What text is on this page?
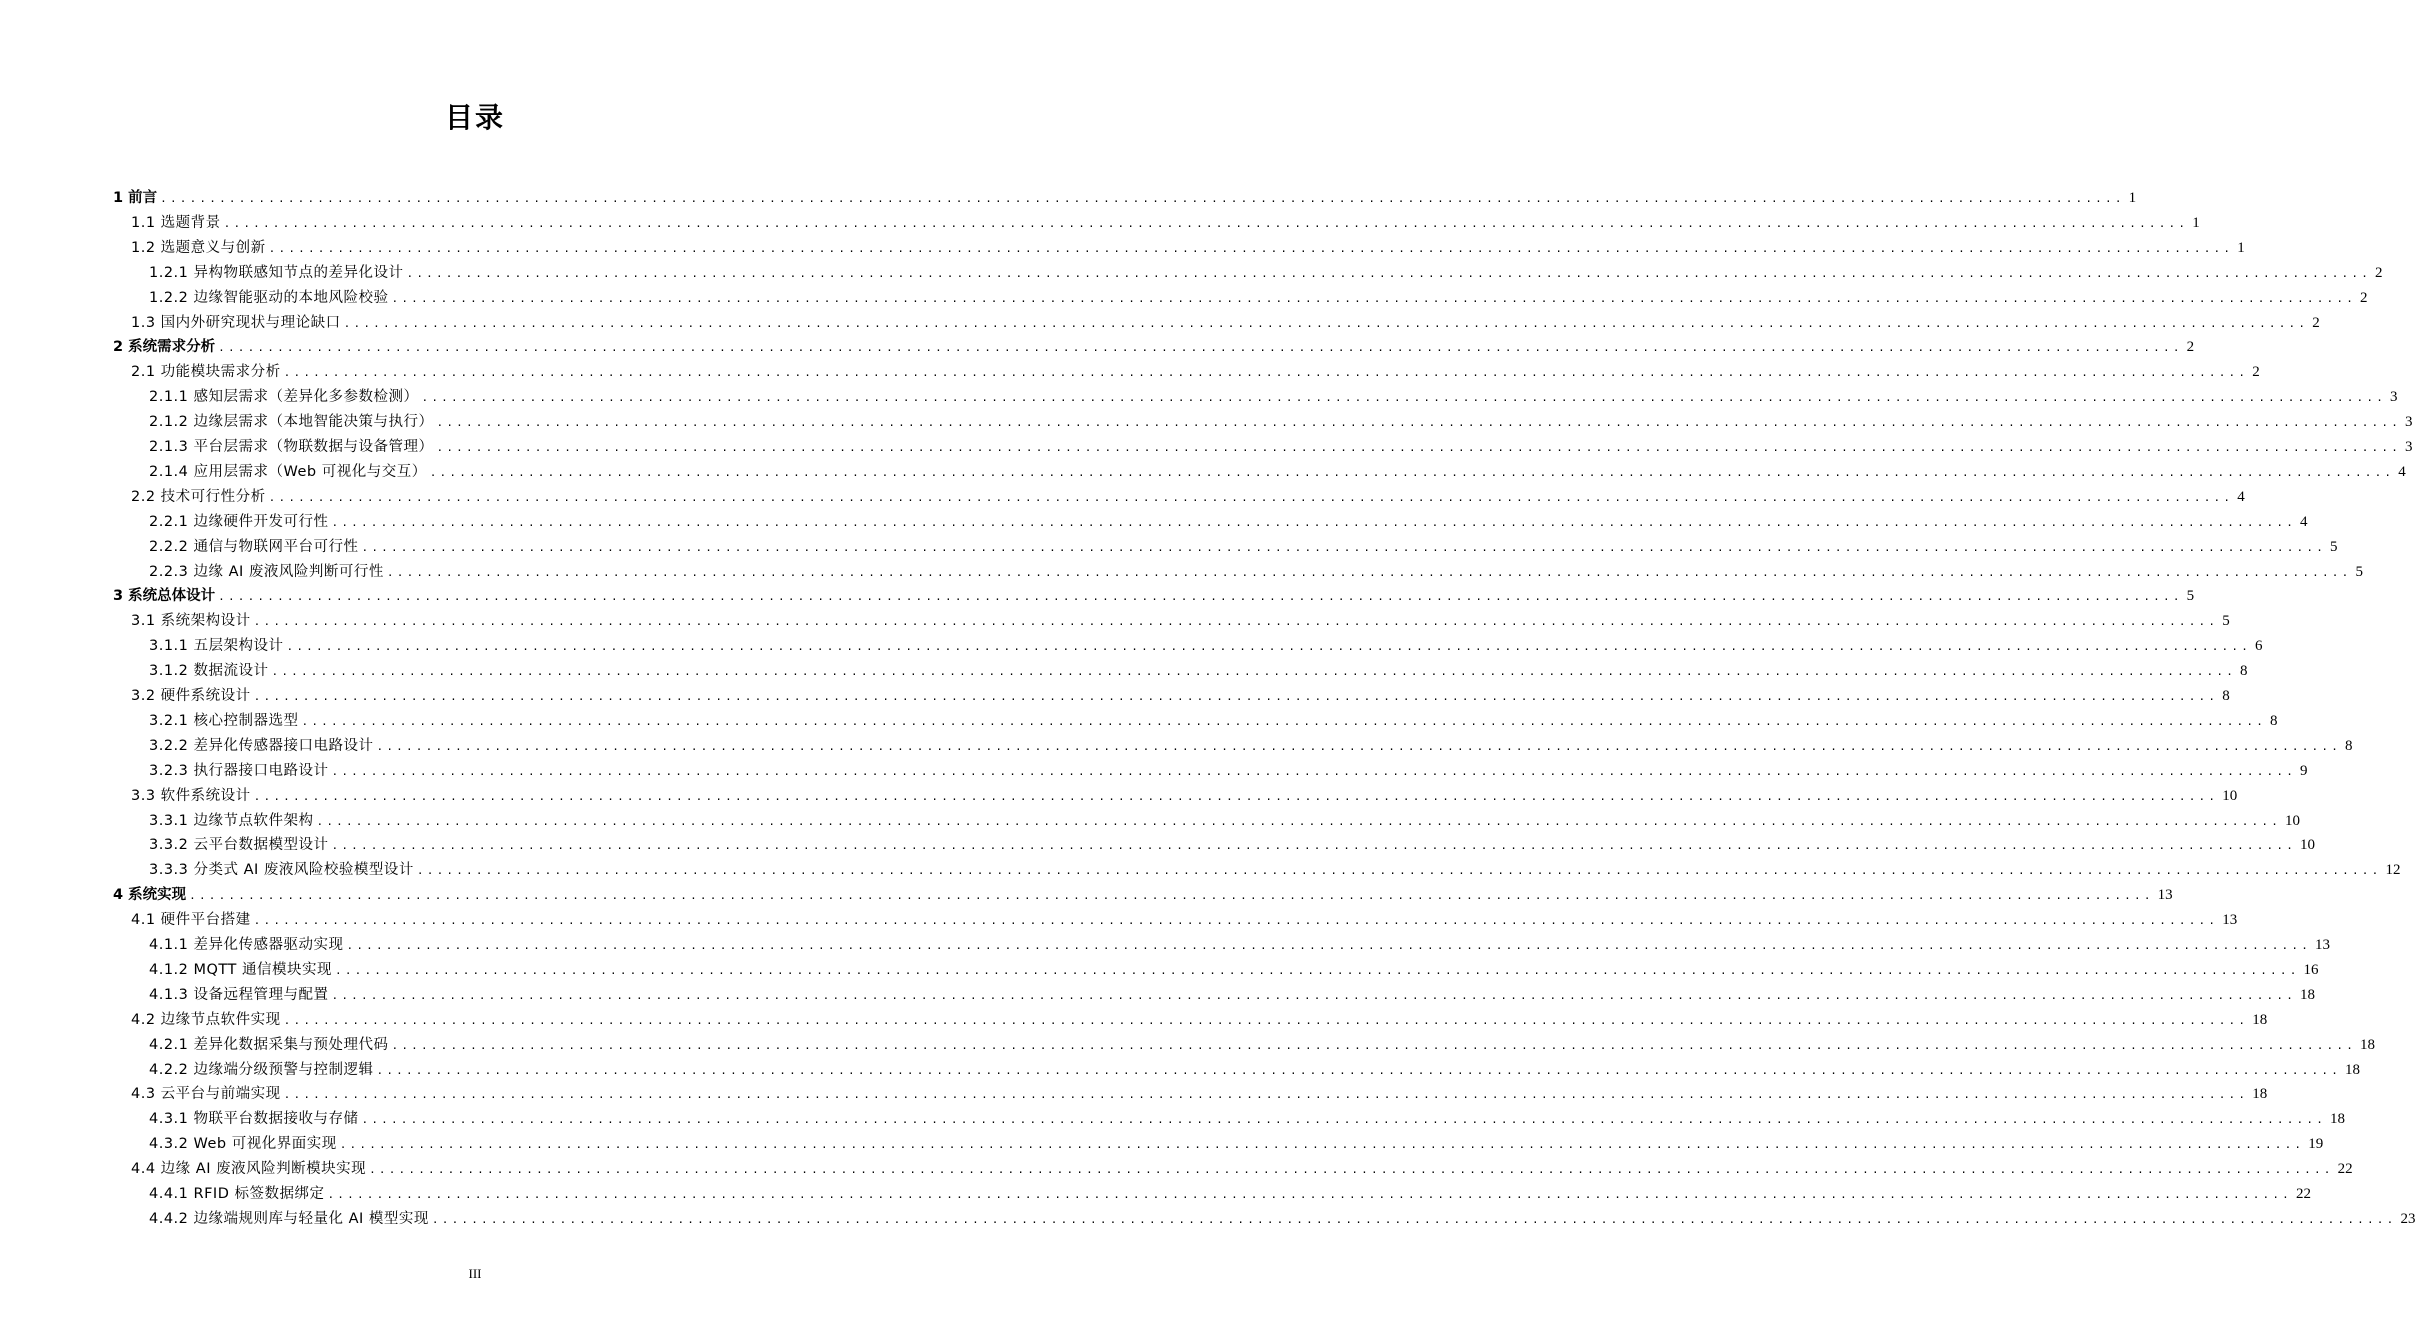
目录
1 前言 ........................................................................................................................................................................................................ 1
1.1 选题背景 ........................................................................................................................................................................................................ 1
1.2 选题意义与创新 ........................................................................................................................................................................................................ 1
1.2.1 异构物联感知节点的差异化设计 ........................................................................................................................................................................................................ 2
1.2.2 边缘智能驱动的本地风险校验 ........................................................................................................................................................................................................ 2
1.3 国内外研究现状与理论缺口 ........................................................................................................................................................................................................ 2
2 系统需求分析 ........................................................................................................................................................................................................ 2
2.1 功能模块需求分析 ........................................................................................................................................................................................................ 2
2.1.1 感知层需求（差异化多参数检测） ........................................................................................................................................................................................................ 3
2.1.2 边缘层需求（本地智能决策与执行） ........................................................................................................................................................................................................ 3
2.1.3 平台层需求（物联数据与设备管理） ........................................................................................................................................................................................................ 3
2.1.4 应用层需求（Web 可视化与交互） ........................................................................................................................................................................................................ 4
2.2 技术可行性分析 ........................................................................................................................................................................................................ 4
2.2.1 边缘硬件开发可行性 ........................................................................................................................................................................................................ 4
2.2.2 通信与物联网平台可行性 ........................................................................................................................................................................................................ 5
2.2.3 边缘 AI 废液风险判断可行性 ........................................................................................................................................................................................................ 5
3 系统总体设计 ........................................................................................................................................................................................................ 5
3.1 系统架构设计 ........................................................................................................................................................................................................ 5
3.1.1 五层架构设计 ........................................................................................................................................................................................................ 6
3.1.2 数据流设计 ........................................................................................................................................................................................................ 8
3.2 硬件系统设计 ........................................................................................................................................................................................................ 8
3.2.1 核心控制器选型 ........................................................................................................................................................................................................ 8
3.2.2 差异化传感器接口电路设计 ........................................................................................................................................................................................................ 8
3.2.3 执行器接口电路设计 ........................................................................................................................................................................................................ 9
3.3 软件系统设计 ........................................................................................................................................................................................................ 10
3.3.1 边缘节点软件架构 ........................................................................................................................................................................................................ 10
3.3.2 云平台数据模型设计 ........................................................................................................................................................................................................ 10
3.3.3 分类式 AI 废液风险校验模型设计 ........................................................................................................................................................................................................ 12
4 系统实现 ........................................................................................................................................................................................................ 13
4.1 硬件平台搭建 ........................................................................................................................................................................................................ 13
4.1.1 差异化传感器驱动实现 ........................................................................................................................................................................................................ 13
4.1.2 MQTT 通信模块实现 ........................................................................................................................................................................................................ 16
4.1.3 设备远程管理与配置 ........................................................................................................................................................................................................ 18
4.2 边缘节点软件实现 ........................................................................................................................................................................................................ 18
4.2.1 差异化数据采集与预处理代码 ........................................................................................................................................................................................................ 18
4.2.2 边缘端分级预警与控制逻辑 ........................................................................................................................................................................................................ 18
4.3 云平台与前端实现 ........................................................................................................................................................................................................ 18
4.3.1 物联平台数据接收与存储 ........................................................................................................................................................................................................ 18
4.3.2 Web 可视化界面实现 ........................................................................................................................................................................................................ 19
4.4 边缘 AI 废液风险判断模块实现 ........................................................................................................................................................................................................ 22
4.4.1 RFID 标签数据绑定 ........................................................................................................................................................................................................ 22
4.4.2 边缘端规则库与轻量化 AI 模型实现 ........................................................................................................................................................................................................ 23
III
